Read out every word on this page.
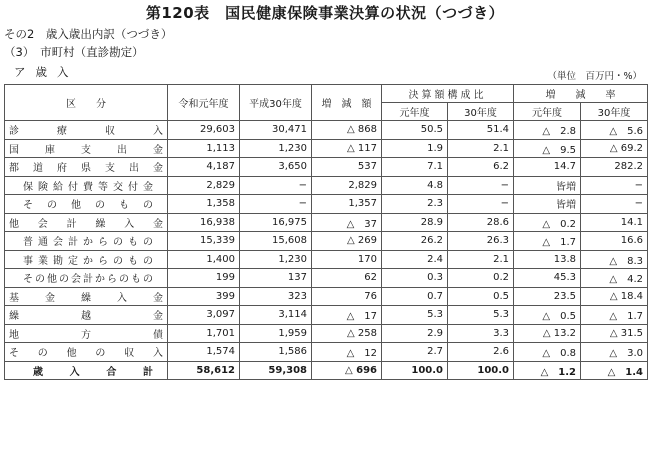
第120表　国民健康保険事業決算の状況（つづき）
その2　歳入歳出内訳（つづき）
（3）　市町村（直診勘定）
ア歳入	（単位　百万円・%）
区　　分	令和元年度	平成30年度	増　減　額	決算額構成比		増　　減　　率	
				元年度	30年度	元年度	30年度
診療収入	29,603	30,471	△ 868	50.5	51.4	△　2.8	△　5.6
国庫支出金	1,113	1,230	△ 117	1.9	2.1	△　9.5	△ 69.2
都道府県支出金	4,187	3,650	537	7.1	6.2	14.7	282.2
保険給付費等交付金	2,829	−	2,829	4.8	−	皆増	−
その他のもの	1,358	−	1,357	2.3	−	皆増	−
他会計繰入金	16,938	16,975	△　37	28.9	28.6	△　0.2	14.1
普通会計からのもの	15,339	15,608	△ 269	26.2	26.3	△　1.7	16.6
事業勘定からのもの	1,400	1,230	170	2.4	2.1	13.8	△　8.3
その他の会計からのもの	199	137	62	0.3	0.2	45.3	△　4.2
基金繰入金	399	323	76	0.7	0.5	23.5	△ 18.4
繰越金	3,097	3,114	△　17	5.3	5.3	△　0.5	△　1.7
地方債	1,701	1,959	△ 258	2.9	3.3	△ 13.2	△ 31.5
その他の収入	1,574	1,586	△　12	2.7	2.6	△　0.8	△　3.0
歳入合計	58,612	59,308	△ 696	100.0	100.0	△　1.2	△　1.4
